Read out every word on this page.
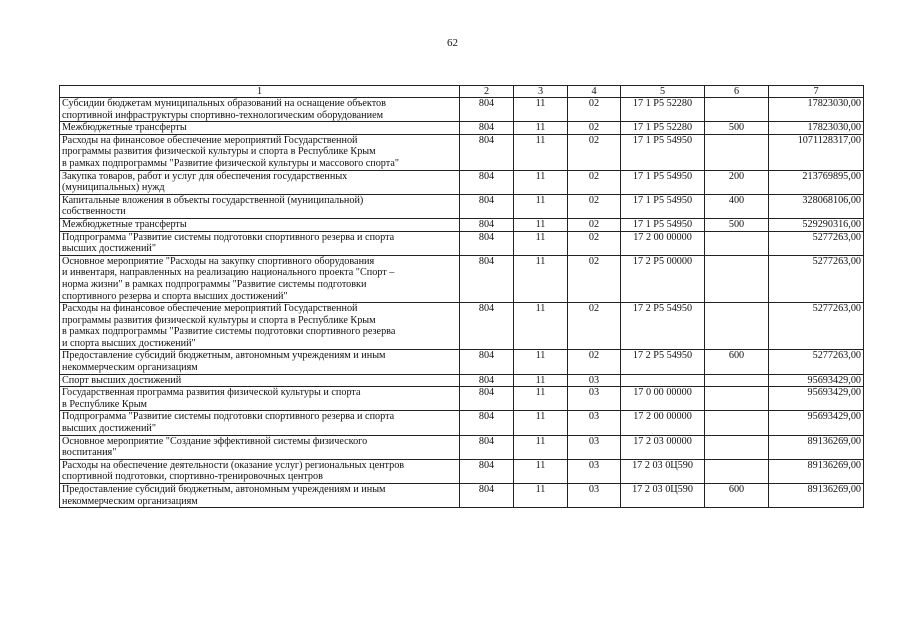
62
1	2	3	4	5	6	7

Субсидии бюджетам муниципальных образований на оснащение объектов
спортивной инфраструктуры спортивно-технологическим оборудованием	804	11	02	17 1 Р5 52280		17823030,00

Межбюджетные трансферты	804	11	02	17 1 Р5 52280	500	17823030,00

Расходы на финансовое обеспечение мероприятий Государственной
программы развития физической культуры и спорта в Республике Крым
в рамках подпрограммы "Развитие физической культуры и массового спорта"	804	11	02	17 1 Р5 54950		1071128317,00

Закупка товаров, работ и услуг для обеспечения государственных
(муниципальных) нужд	804	11	02	17 1 Р5 54950	200	213769895,00

Капитальные вложения в объекты государственной (муниципальной)
собственности	804	11	02	17 1 Р5 54950	400	328068106,00

Межбюджетные трансферты	804	11	02	17 1 Р5 54950	500	529290316,00

Подпрограмма "Развитие системы подготовки спортивного резерва и спорта
высших достижений"	804	11	02	17 2 00 00000		5277263,00

Основное мероприятие "Расходы на закупку спортивного оборудования
и инвентаря, направленных на реализацию национального проекта "Спорт –
норма жизни" в рамках подпрограммы "Развитие системы подготовки
спортивного резерва и спорта высших достижений"	804	11	02	17 2 Р5 00000		5277263,00

Расходы на финансовое обеспечение мероприятий Государственной
программы развития физической культуры и спорта в Республике Крым
в рамках подпрограммы "Развитие системы подготовки спортивного резерва
и спорта высших достижений"	804	11	02	17 2 Р5 54950		5277263,00

Предоставление субсидий бюджетным, автономным учреждениям и иным
некоммерческим организациям	804	11	02	17 2 Р5 54950	600	5277263,00

Спорт высших достижений	804	11	03			95693429,00

Государственная программа развития физической культуры и спорта
в Республике Крым	804	11	03	17 0 00 00000		95693429,00

Подпрограмма "Развитие системы подготовки спортивного резерва и спорта
высших достижений"	804	11	03	17 2 00 00000		95693429,00

Основное мероприятие "Создание эффективной системы физического
воспитания"	804	11	03	17 2 03 00000		89136269,00

Расходы на обеспечение деятельности (оказание услуг) региональных центров
спортивной подготовки, спортивно-тренировочных центров	804	11	03	17 2 03 0Ц590		89136269,00

Предоставление субсидий бюджетным, автономным учреждениям и иным
некоммерческим организациям	804	11	03	17 2 03 0Ц590	600	89136269,00
